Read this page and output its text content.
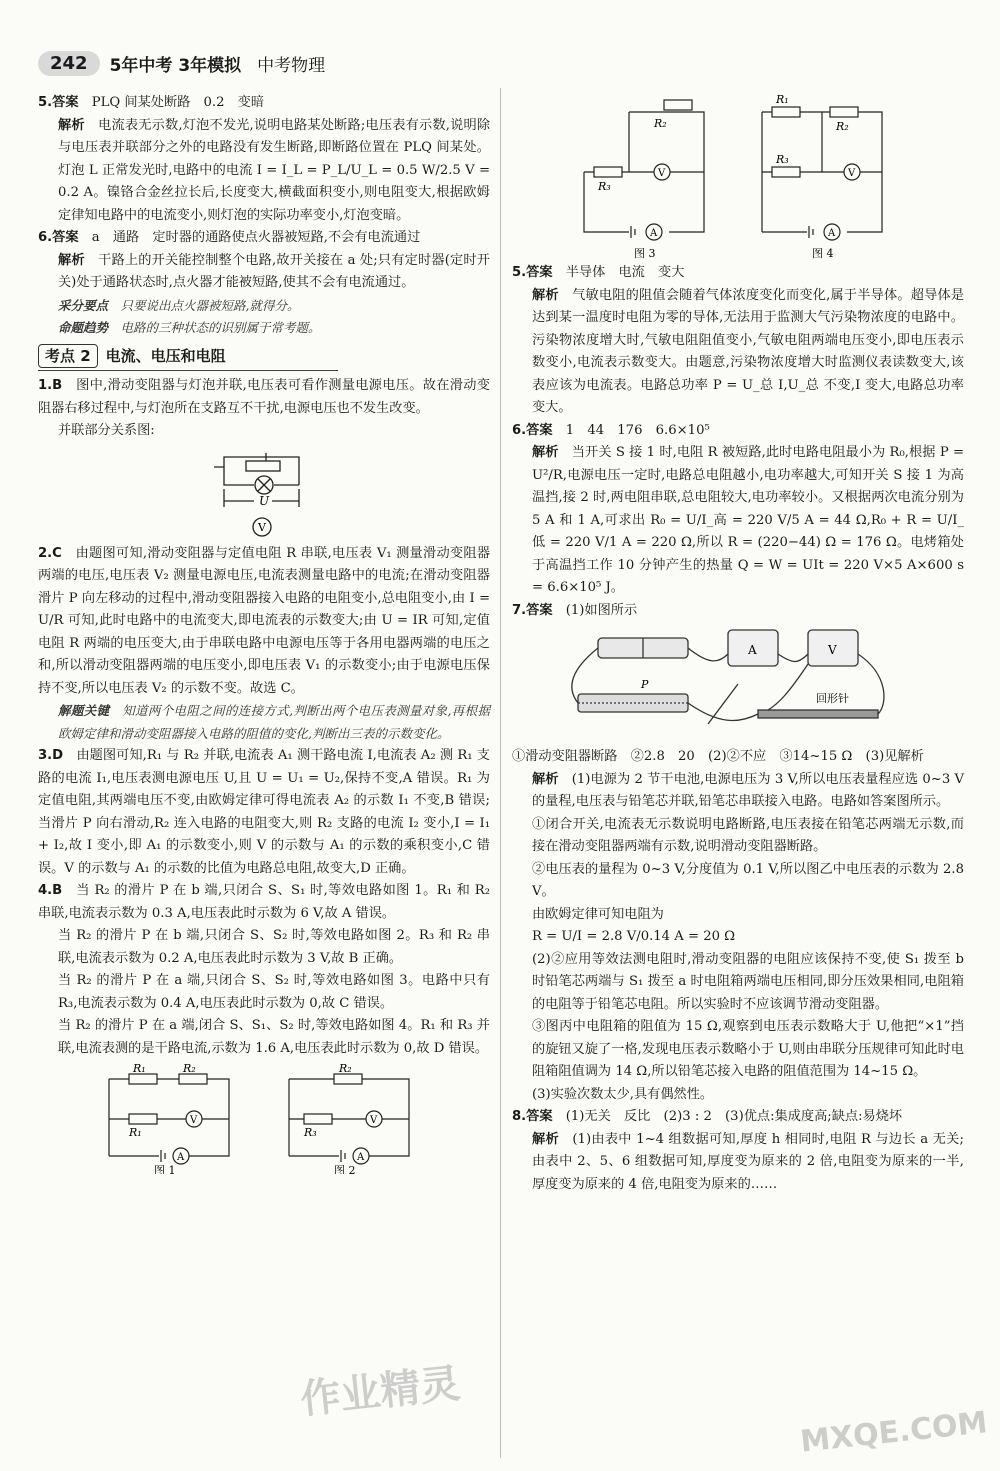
242	5年中考 3年模拟 中考物理

5.答案　 PLQ 间某处断路　0.2　变暗

解析　 电流表无示数,灯泡不发光,说明电路某处断路;电压表有示数,说明除与电压表并联部分之外的电路没有发生断路,即断路位置在 PLQ 间某处。灯泡 L 正常发光时,电路中的电流 I = I_L = P_L/U_L = 0.5 W/2.5 V = 0.2 A。镍铬合金丝拉长后,长度变大,横截面积变小,则电阻变大,根据欧姆定律知电路中的电流变小,则灯泡的实际功率变小,灯泡变暗。

6.答案　 a　通路　定时器的通路使点火器被短路,不会有电流通过

解析　 干路上的开关能控制整个电路,故开关接在 a 处;只有定时器(定时开关)处于通路状态时,点火器才能被短路,使其不会有电流通过。

采分要点　 只要说出点火器被短路,就得分。

命题趋势　 电路的三种状态的识别属于常考题。

考点 2	电流、电压和电阻

1.B　 图中,滑动变阻器与灯泡并联,电压表可看作测量电源电压。故在滑动变阻器右移过程中,与灯泡所在支路互不干扰,电源电压也不发生改变。

并联部分关系图:

U
V

2.C　 由题图可知,滑动变阻器与定值电阻 R 串联,电压表 V₁ 测量滑动变阻器两端的电压,电压表 V₂ 测量电源电压,电流表测量电路中的电流;在滑动变阻器滑片 P 向左移动的过程中,滑动变阻器接入电路的电阻变小,总电阻变小,由 I = U/R 可知,此时电路中的电流变大,即电流表的示数变大;由 U = IR 可知,定值电阻 R 两端的电压变大,由于串联电路中电源电压等于各用电器两端的电压之和,所以滑动变阻器两端的电压变小,即电压表 V₁ 的示数变小;由于电源电压保持不变,所以电压表 V₂ 的示数不变。故选 C。

解题关键　 知道两个电阻之间的连接方式,判断出两个电压表测量对象,再根据欧姆定律和滑动变阻器接入电路的阻值的变化,判断出三表的示数变化。

3.D　 由题图可知,R₁ 与 R₂ 并联,电流表 A₁ 测干路电流 I,电流表 A₂ 测 R₁ 支路的电流 I₁,电压表测电源电压 U,且 U = U₁ = U₂,保持不变,A 错误。R₁ 为定值电阻,其两端电压不变,由欧姆定律可得电流表 A₂ 的示数 I₁ 不变,B 错误;当滑片 P 向右滑动,R₂ 连入电路的电阻变大,则 R₂ 支路的电流 I₂ 变小,I = I₁ + I₂,故 I 变小,即 A₁ 的示数变小,则 V 的示数与 A₁ 的示数的乘积变小,C 错误。V 的示数与 A₁ 的示数的比值为电路总电阻,故变大,D 正确。

4.B　 当 R₂ 的滑片 P 在 b 端,只闭合 S、S₁ 时,等效电路如图 1。R₁ 和 R₂ 串联,电流表示数为 0.3 A,电压表此时示数为 6 V,故 A 错误。

当 R₂ 的滑片 P 在 b 端,只闭合 S、S₂ 时,等效电路如图 2。R₃ 和 R₂ 串联,电流表示数为 0.2 A,电压表此时示数为 3 V,故 B 正确。

当 R₂ 的滑片 P 在 a 端,只闭合 S、S₂ 时,等效电路如图 3。电路中只有 R₃,电流表示数为 0.4 A,电压表此时示数为 0,故 C 错误。

当 R₂ 的滑片 P 在 a 端,闭合 S、S₁、S₂ 时,等效电路如图 4。R₁ 和 R₃ 并联,电流表测的是干路电流,示数为 1.6 A,电压表此时示数为 0,故 D 错误。

R₁	R₂
R₁
V
A
图 1
R₂
R₃
V
A
图 2
R₂
R₃
V
A
图 3
R₁
R₂
R₃
V
A
图 4

5.答案　 半导体　电流　变大

解析　 气敏电阻的阻值会随着气体浓度变化而变化,属于半导体。超导体是达到某一温度时电阻为零的导体,无法用于监测大气污染物浓度的电路中。污染物浓度增大时,气敏电阻阻值变小,气敏电阻两端电压变小,即电压表示数变小,电流表示数变大。由题意,污染物浓度增大时监测仪表读数变大,该表应该为电流表。电路总功率 P = U_总 I,U_总 不变,I 变大,电路总功率变大。

6.答案　 1　44　176　6.6×10⁵

解析　 当开关 S 接 1 时,电阻 R 被短路,此时电路电阻最小为 R₀,根据 P = U²/R,电源电压一定时,电路总电阻越小,电功率越大,可知开关 S 接 1 为高温挡,接 2 时,两电阻串联,总电阻较大,电功率较小。又根据两次电流分别为 5 A 和 1 A,可求出 R₀ = U/I_高 = 220 V/5 A = 44 Ω,R₀ + R = U/I_低 = 220 V/1 A = 220 Ω,所以 R = (220−44) Ω = 176 Ω。电烤箱处于高温挡工作 10 分钟产生的热量 Q = W = UIt = 220 V×5 A×600 s = 6.6×10⁵ J。

7.答案　 (1)如图所示

P
A	V
回形针

①滑动变阻器断路　②2.8　20　(2)②不应　③14~15 Ω　(3)见解析

解析　 (1)电源为 2 节干电池,电源电压为 3 V,所以电压表量程应选 0~3 V 的量程,电压表与铅笔芯并联,铅笔芯串联接入电路。电路如答案图所示。

①闭合开关,电流表无示数说明电路断路,电压表接在铅笔芯两端无示数,而接在滑动变阻器两端有示数,说明滑动变阻器断路。

②电压表的量程为 0~3 V,分度值为 0.1 V,所以图乙中电压表的示数为 2.8 V。

由欧姆定律可知电阻为

R = U/I = 2.8 V/0.14 A = 20 Ω

(2)②应用等效法测电阻时,滑动变阻器的电阻应该保持不变,使 S₁ 拨至 b 时铅笔芯两端与 S₁ 拨至 a 时电阻箱两端电压相同,即分压效果相同,电阻箱的电阻等于铅笔芯电阻。所以实验时不应该调节滑动变阻器。

③图丙中电阻箱的阻值为 15 Ω,观察到电压表示数略大于 U,他把“×1”挡的旋钮又旋了一格,发现电压表示数略小于 U,则由串联分压规律可知此时电阻箱阻值调为 14 Ω,所以铅笔芯接入电路的阻值范围为 14~15 Ω。

(3)实验次数太少,具有偶然性。

8.答案　 (1)无关　反比　(2)3 : 2　(3)优点:集成度高;缺点:易烧坏

解析　 (1)由表中 1~4 组数据可知,厚度 h 相同时,电阻 R 与边长 a 无关;由表中 2、5、6 组数据可知,厚度变为原来的 2 倍,电阻变为原来的一半,厚度变为原来的 4 倍,电阻变为原来的……

作业精灵
MXQE.COM
